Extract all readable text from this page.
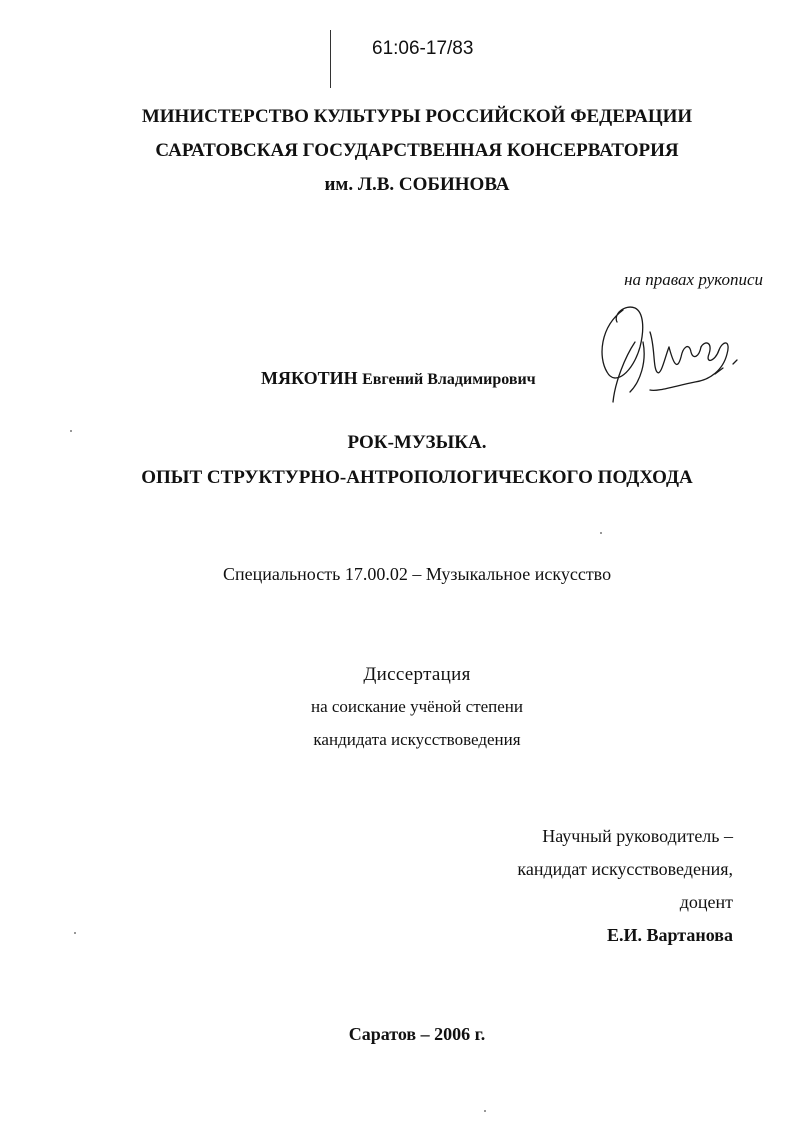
61:06-17/83
МИНИСТЕРСТВО КУЛЬТУРЫ РОССИЙСКОЙ ФЕДЕРАЦИИ
САРАТОВСКАЯ ГОСУДАРСТВЕННАЯ КОНСЕРВАТОРИЯ
им. Л.В. СОБИНОВА
на правах рукописи
МЯКОТИН Евгений Владимирович
РОК-МУЗЫКА.
ОПЫТ СТРУКТУРНО-АНТРОПОЛОГИЧЕСКОГО ПОДХОДА
Специальность 17.00.02 – Музыкальное искусство
Диссертация
на соискание учёной степени
кандидата искусствоведения
Научный руководитель –
кандидат искусствоведения,
доцент
Е.И. Вартанова
Саратов – 2006 г.
